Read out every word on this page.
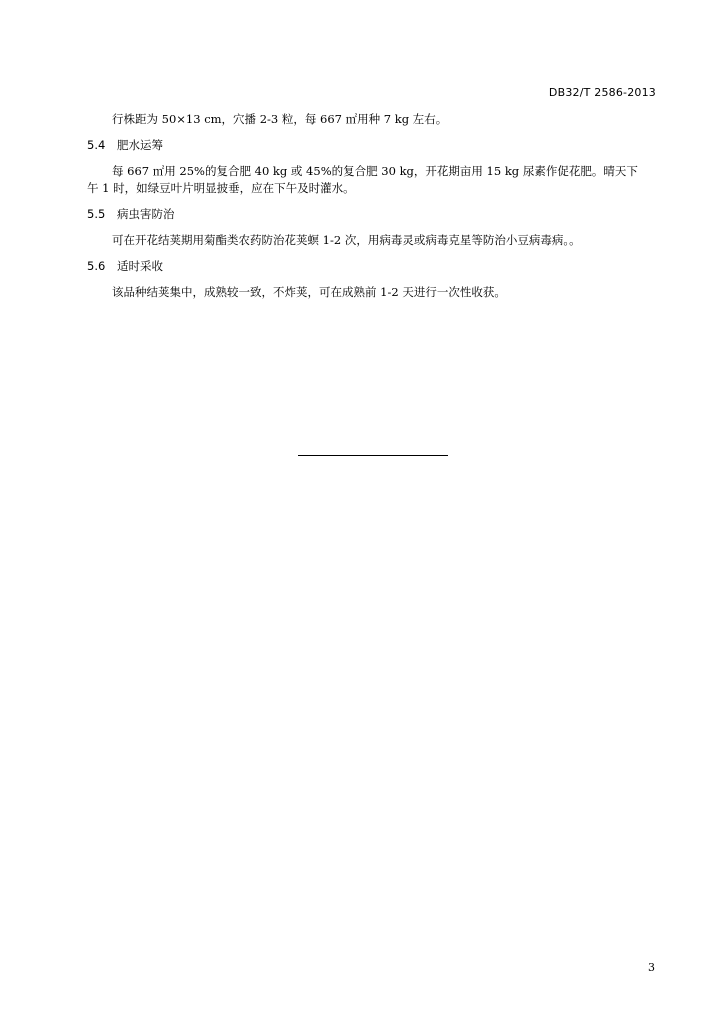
DB32/T 2586-2013
行株距为 50×13 cm，穴播 2-3 粒，每 667 ㎡用种 7 kg 左右。
5.4 肥水运筹
每 667 ㎡用 25%的复合肥 40 kg 或 45%的复合肥 30 kg，开花期亩用 15 kg 尿素作促花肥。晴天下
午 1 时，如绿豆叶片明显披垂，应在下午及时灌水。
5.5 病虫害防治
可在开花结荚期用菊酯类农药防治花荚螟 1-2 次，用病毒灵或病毒克星等防治小豆病毒病。。
5.6 适时采收
该品种结荚集中，成熟较一致，不炸荚，可在成熟前 1-2 天进行一次性收获。
3
